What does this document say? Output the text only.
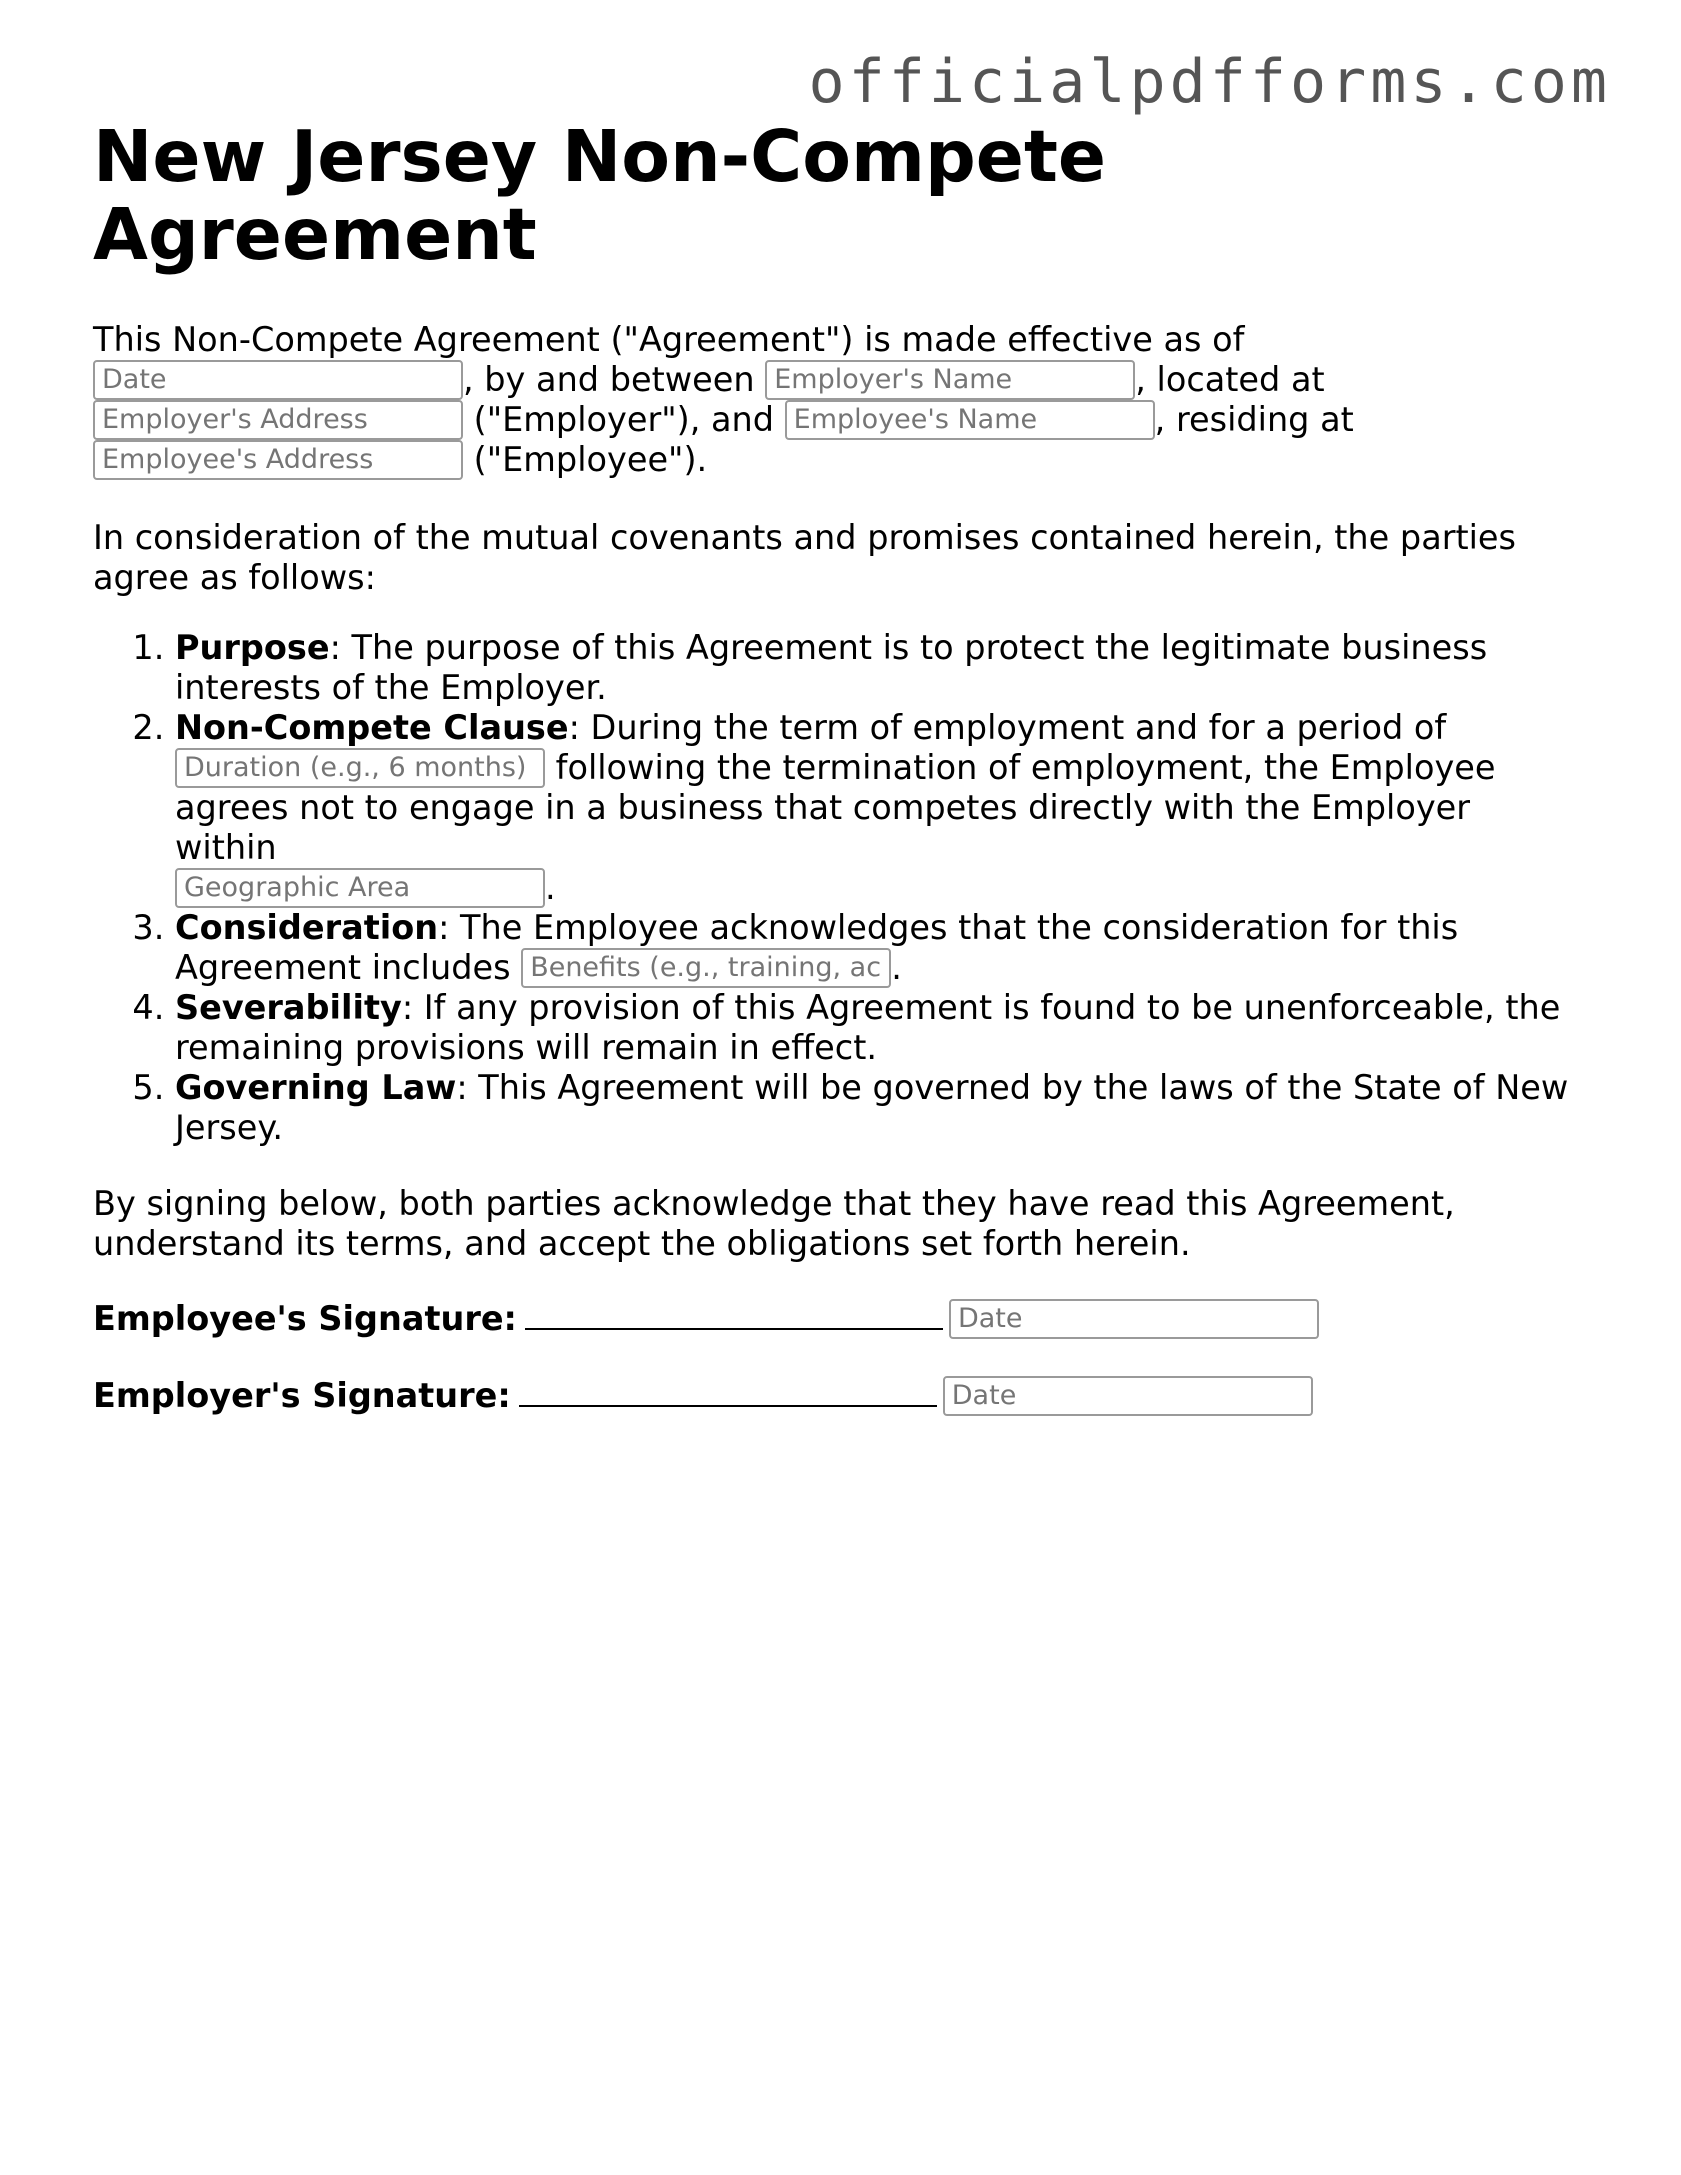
officialpdfforms.com
New Jersey Non-Compete Agreement

This Non-Compete Agreement ("Agreement") is made effective as of
Date, by and between Employer's Name	, located at
Employer's Address ("Employer"), and Employee's Name	, residing at
Employee's Address ("Employee").

In consideration of the mutual covenants and promises contained herein, the parties agree as follows:

1. Purpose: The purpose of this Agreement is to protect the legitimate business interests of the Employer.
2. Non-Compete Clause: During the term of employment and for a period of
Duration (e.g., 6 months) following the termination of employment, the Employee agrees not to engage in a business that competes directly with the Employer within
Geographic Area.
3. Consideration: The Employee acknowledges that the consideration for this Agreement includes Benefits (e.g., training, access to confidential information)	.
4. Severability: If any provision of this Agreement is found to be unenforceable, the remaining provisions will remain in effect.
5. Governing Law: This Agreement will be governed by the laws of the State of New Jersey.

By signing below, both parties acknowledge that they have read this Agreement, understand its terms, and accept the obligations set forth herein.

Employee's Signature:Date

Employer's Signature:Date
